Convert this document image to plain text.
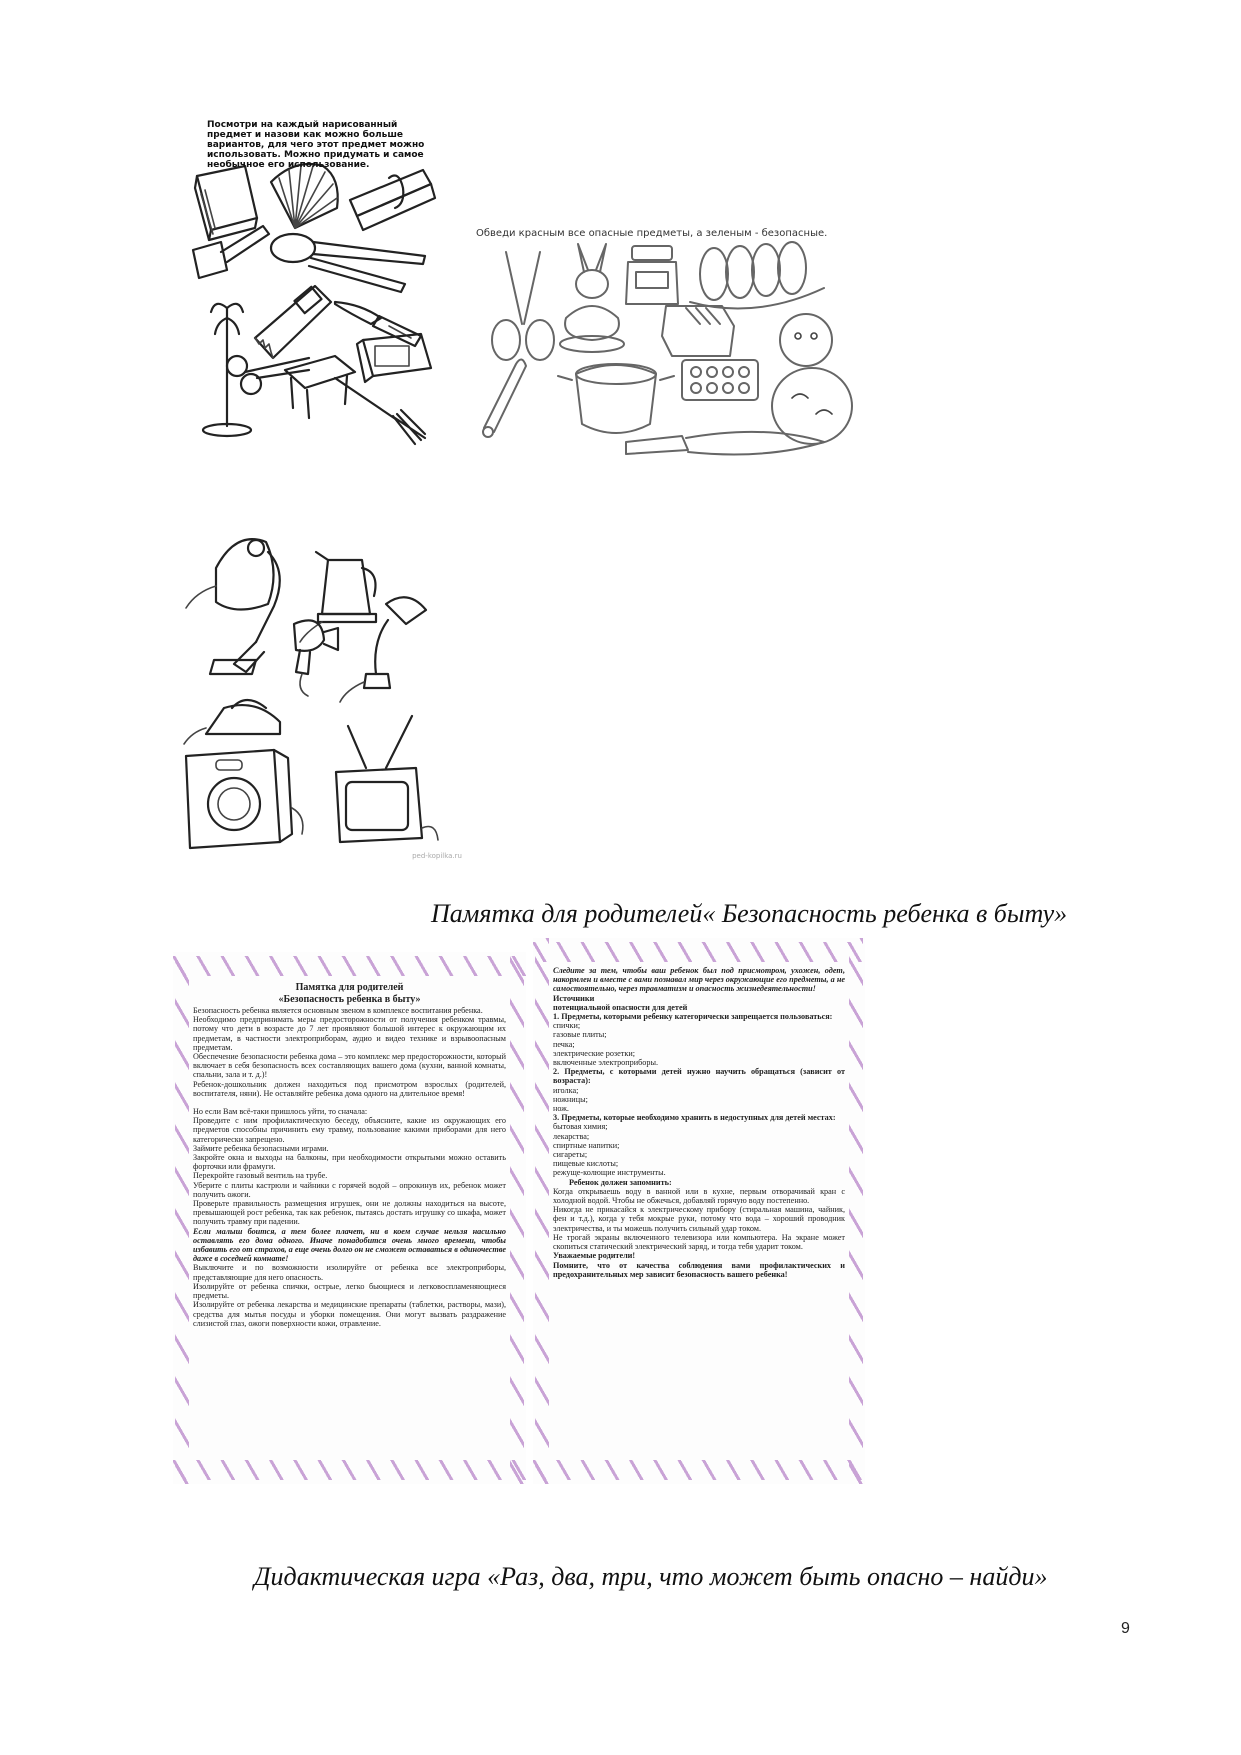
Посмотри на каждый нарисованный предмет и назови как можно больше вариантов, для чего этот предмет можно использовать. Можно придумать и самое необычное его использование.
Обведи красным все опасные предметы, а зеленым - безопасные.
ped-kopilka.ru
Памятка для родителей« Безопасность ребенка в быту»

Памятка для родителей

«Безопасность ребенка в быту»

Безопасность ребенка является основным звеном в комплексе воспитания ребенка.

Необходимо предпринимать меры предосторожности от получения ребенком травмы, потому что дети в возрасте до 7 лет проявляют большой интерес к окружающим их предметам, в частности электроприборам, аудио и видео технике и взрывоопасным предметам.

Обеспечение безопасности ребенка дома – это комплекс мер предосторожности, который включает в себя безопасность всех составляющих вашего дома (кухни, ванной комнаты, спальни, зала и т. д.)!

Ребенок-дошкольник должен находиться под присмотром взрослых (родителей, воспитателя, няни). Не оставляйте ребенка дома одного на длительное время!

Но если Вам всё-таки пришлось уйти, то сначала:

Проведите с ним профилактическую беседу, объясните, какие из окружающих его предметов способны причинить ему травму, пользование какими приборами для него категорически запрещено.

Займите ребенка безопасными играми.

Закройте окна и выходы на балконы, при необходимости открытыми можно оставить форточки или фрамуги.

Перекройте газовый вентиль на трубе.

Уберите с плиты кастрюли и чайники с горячей водой – опрокинув их, ребенок может получить ожоги.

Проверьте правильность размещения игрушек, они не должны находиться на высоте, превышающей рост ребенка, так как ребенок, пытаясь достать игрушку со шкафа, может получить травму при падении.

Если малыш боится, а тем более плачет, ни в коем случае нельзя насильно оставлять его дома одного. Иначе понадобится очень много времени, чтобы избавить его от страхов, а еще очень долго он не сможет оставаться в одиночестве даже в соседней комнате!

Выключите и по возможности изолируйте от ребенка все электроприборы, представляющие для него опасность.

Изолируйте от ребенка спички, острые, легко бьющиеся и легковоспламеняющиеся предметы.

Изолируйте от ребенка лекарства и медицинские препараты (таблетки, растворы, мази), средства для мытья посуды и уборки помещения. Они могут вызвать раздражение слизистой глаз, ожоги поверхности кожи, отравление.

Следите за тем, чтобы ваш ребенок был под присмотром, ухожен, одет, накормлен и вместе с вами познавал мир через окружающие его предметы, а не самостоятельно, через травматизм и опасность жизнедеятельности!

Источники

потенциальной опасности для детей

1. Предметы, которыми ребенку категорически запрещается пользоваться:

спички;

газовые плиты;

печка;

электрические розетки;

включенные электроприборы.

2. Предметы, с которыми детей нужно научить обращаться (зависит от возраста):

иголка;

ножницы;

нож.

3. Предметы, которые необходимо хранить в недоступных для детей местах:

бытовая химия;

лекарства;

спиртные напитки;

сигареты;

пищевые кислоты;

режуще-колющие инструменты.

Ребенок должен запомнить:

Когда открываешь воду в ванной или в кухне, первым отворачивай кран с холодной водой. Чтобы не обжечься, добавляй горячую воду постепенно.

Никогда не прикасайся к электрическому прибору (стиральная машина, чайник, фен и т.д.), когда у тебя мокрые руки, потому что вода – хороший проводник электричества, и ты можешь получить сильный удар током.

Не трогай экраны включенного телевизора или компьютера. На экране может скопиться статический электрический заряд, и тогда тебя ударит током.

Уважаемые родители!

Помните, что от качества соблюдения вами профилактических и предохранительных мер зависит безопасность вашего ребенка!

Дидактическая игра «Раз, два, три, что может быть опасно – найди»
9
